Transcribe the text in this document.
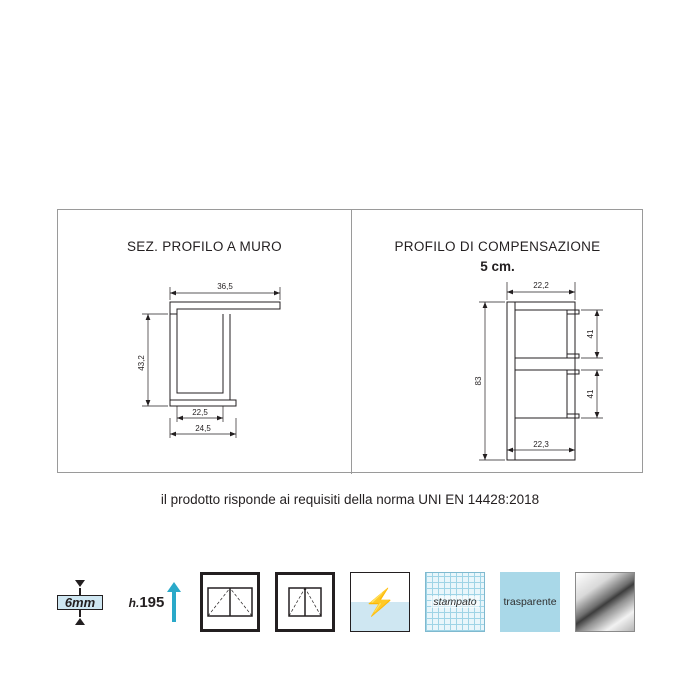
SEZ. PROFILO A MURO
36,5
43,2
22,5
24,5
PROFILO DI COMPENSAZIONE
5 cm.
22,2
83
41
41
22,3
il prodotto risponde ai requisiti della norma UNI EN 14428:2018
6mm	h.195	⚡	stampato	trasparente
